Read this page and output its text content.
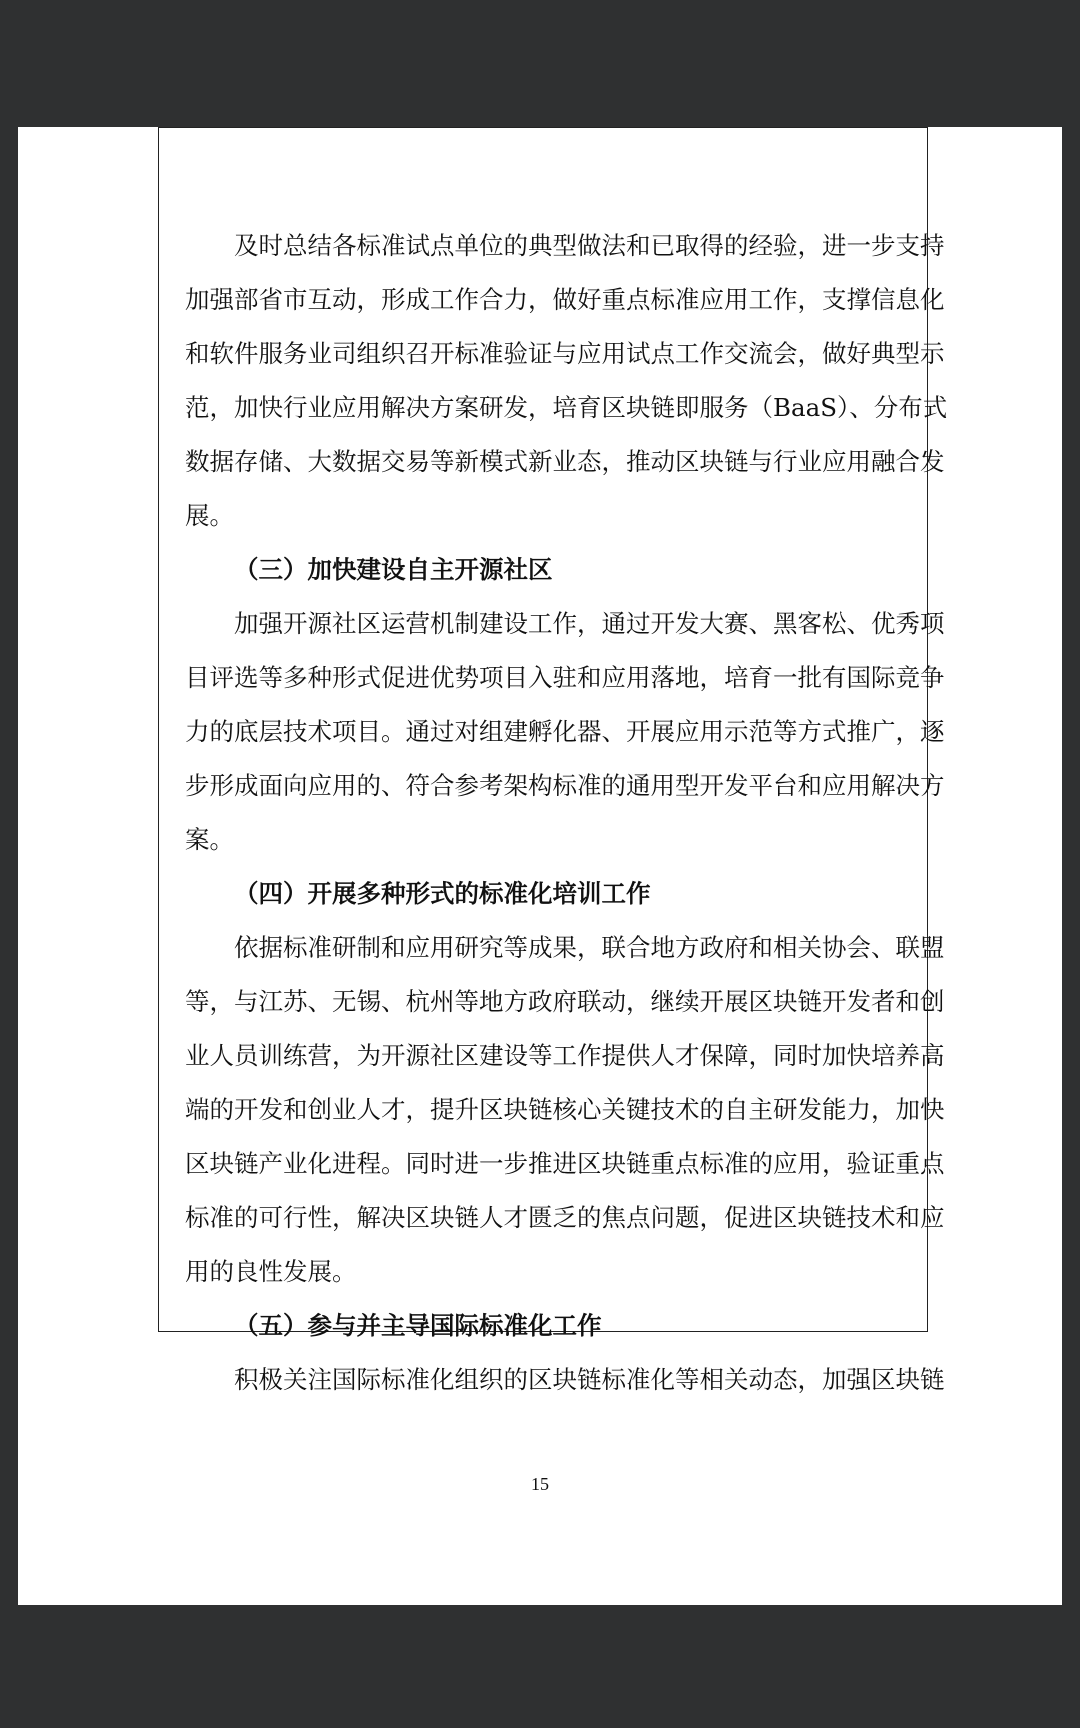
及时总结各标准试点单位的典型做法和已取得的经验，进一步支持
加强部省市互动，形成工作合力，做好重点标准应用工作，支撑信息化
和软件服务业司组织召开标准验证与应用试点工作交流会，做好典型示
范，加快行业应用解决方案研发，培育区块链即服务（BaaS）、分布式
数据存储、大数据交易等新模式新业态，推动区块链与行业应用融合发
展。
（三）加快建设自主开源社区
加强开源社区运营机制建设工作，通过开发大赛、黑客松、优秀项
目评选等多种形式促进优势项目入驻和应用落地，培育一批有国际竞争
力的底层技术项目。通过对组建孵化器、开展应用示范等方式推广，逐
步形成面向应用的、符合参考架构标准的通用型开发平台和应用解决方
案。
（四）开展多种形式的标准化培训工作
依据标准研制和应用研究等成果，联合地方政府和相关协会、联盟
等，与江苏、无锡、杭州等地方政府联动，继续开展区块链开发者和创
业人员训练营，为开源社区建设等工作提供人才保障，同时加快培养高
端的开发和创业人才，提升区块链核心关键技术的自主研发能力，加快
区块链产业化进程。同时进一步推进区块链重点标准的应用，验证重点
标准的可行性，解决区块链人才匮乏的焦点问题，促进区块链技术和应
用的良性发展。
（五）参与并主导国际标准化工作
积极关注国际标准化组织的区块链标准化等相关动态，加强区块链
15
